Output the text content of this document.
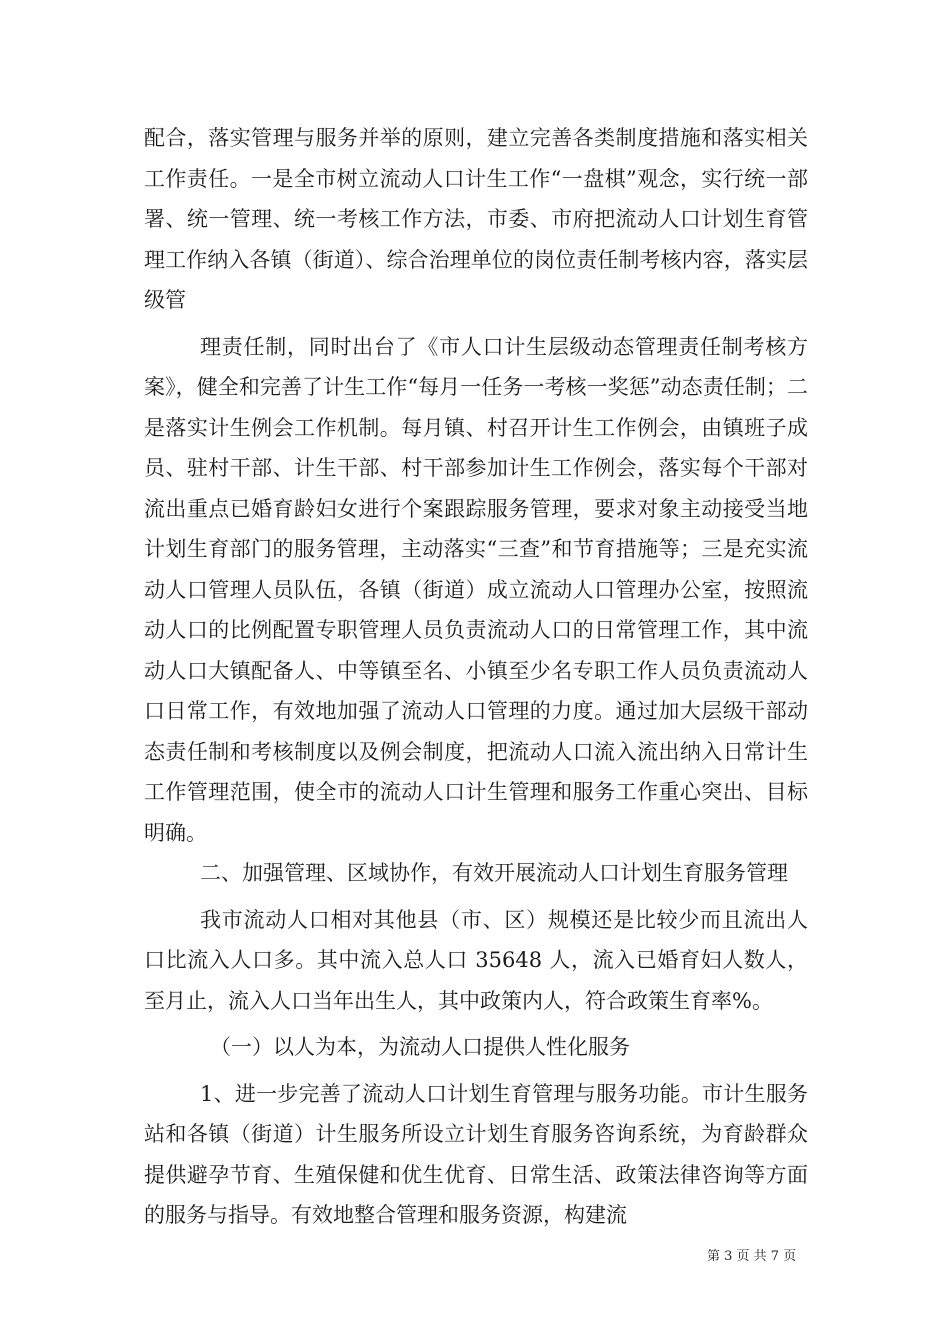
配合，落实管理与服务并举的原则，建立完善各类制度措施和落实相关工作责任。一是全市树立流动人口计生工作“一盘棋”观念，实行统一部署、统一管理、统一考核工作方法，市委、市府把流动人口计划生育管理工作纳入各镇（街道）、综合治理单位的岗位责任制考核内容，落实层级管

理责任制，同时出台了《市人口计生层级动态管理责任制考核方案》，健全和完善了计生工作“每月一任务一考核一奖惩”动态责任制；二是落实计生例会工作机制。每月镇、村召开计生工作例会，由镇班子成员、驻村干部、计生干部、村干部参加计生工作例会，落实每个干部对流出重点已婚育龄妇女进行个案跟踪服务管理，要求对象主动接受当地计划生育部门的服务管理，主动落实“三查”和节育措施等；三是充实流动人口管理人员队伍，各镇（街道）成立流动人口管理办公室，按照流动人口的比例配置专职管理人员负责流动人口的日常管理工作，其中流动人口大镇配备人、中等镇至名、小镇至少名专职工作人员负责流动人口日常工作，有效地加强了流动人口管理的力度。通过加大层级干部动态责任制和考核制度以及例会制度，把流动人口流入流出纳入日常计生工作管理范围，使全市的流动人口计生管理和服务工作重心突出、目标明确。

二、加强管理、区域协作，有效开展流动人口计划生育服务管理

我市流动人口相对其他县（市、区）规模还是比较少而且流出人口比流入人口多。其中流入总人口 35648 人，流入已婚育妇人数人，至月止，流入人口当年出生人，其中政策内人，符合政策生育率%。

（一）以人为本，为流动人口提供人性化服务

1、进一步完善了流动人口计划生育管理与服务功能。市计生服务站和各镇（街道）计生服务所设立计划生育服务咨询系统，为育龄群众提供避孕节育、生殖保健和优生优育、日常生活、政策法律咨询等方面的服务与指导。有效地整合管理和服务资源，构建流

第 3 页 共 7 页
